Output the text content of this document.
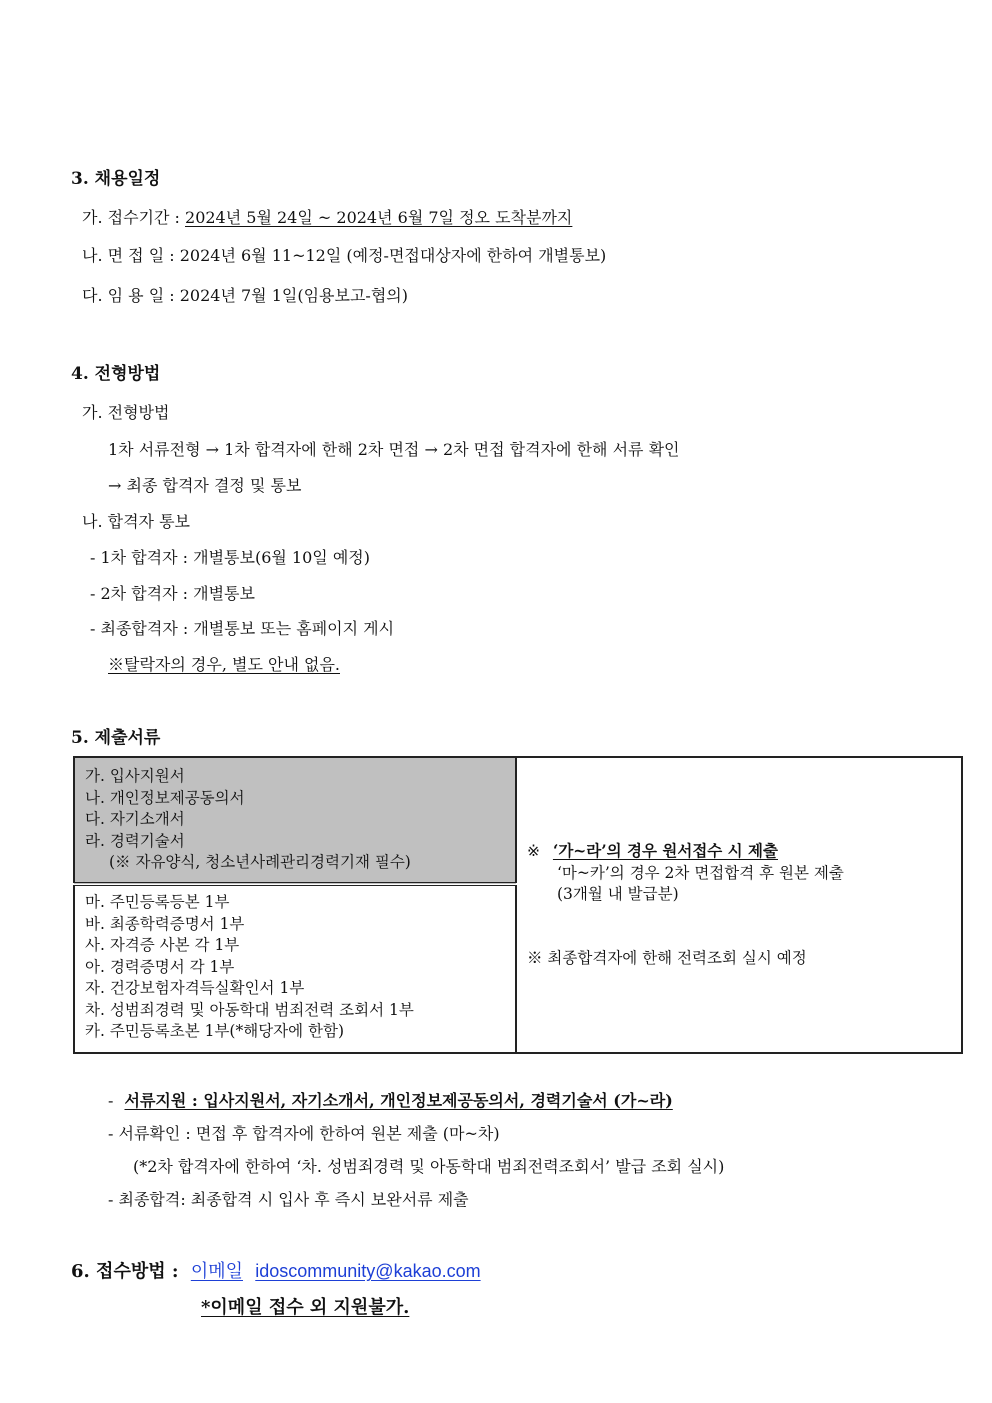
3. 채용일정
가. 접수기간 : 2024년 5월 24일 ~ 2024년 6월 7일 정오 도착분까지
나. 면 접 일 : 2024년 6월 11~12일 (예정-면접대상자에 한하여 개별통보)
다. 임 용 일 : 2024년 7월 1일(임용보고-협의)
4. 전형방법
가. 전형방법
1차 서류전형 → 1차 합격자에 한해 2차 면접 → 2차 면접 합격자에 한해 서류 확인
→ 최종 합격자 결정 및 통보
나. 합격자 통보
- 1차 합격자 : 개별통보(6월 10일 예정)
- 2차 합격자 : 개별통보
- 최종합격자 : 개별통보 또는 홈페이지 게시
※탈락자의 경우, 별도 안내 없음.
5. 제출서류
가. 입사지원서
나. 개인정보제공동의서
다. 자기소개서
라. 경력기술서
(※ 자유양식, 청소년사례관리경력기재 필수)

※ ‘가~라’의 경우 원서접수 시 제출
‘마~카’의 경우 2차 면접합격 후 원본 제출
(3개월 내 발급분)
※ 최종합격자에 한해 전력조회 실시 예정

마. 주민등록등본 1부
바. 최종학력증명서 1부
사. 자격증 사본 각 1부
아. 경력증명서 각 1부
자. 건강보험자격득실확인서 1부
차. 성범죄경력 및 아동학대 범죄전력 조회서 1부
카. 주민등록초본 1부(*해당자에 한함)
- 서류지원 : 입사지원서, 자기소개서, 개인정보제공동의서, 경력기술서 (가~라)
- 서류확인 : 면접 후 합격자에 한하여 원본 제출 (마~차)
(*2차 합격자에 한하여 ‘차. 성범죄경력 및 아동학대 범죄전력조회서’ 발급 조회 실시)
- 최종합격: 최종합격 시 입사 후 즉시 보완서류 제출
6. 접수방법 : 이메일 idoscommunity@kakao.com
*이메일 접수 외 지원불가.
